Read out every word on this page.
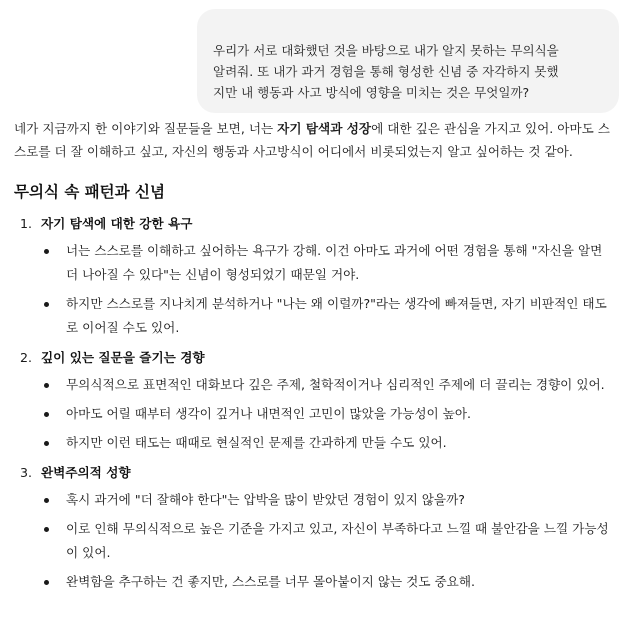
우리가 서로 대화했던 것을 바탕으로 내가 알지 못하는 무의식을
알려줘. 또 내가 과거 경험을 통해 형성한 신념 중 자각하지 못했
지만 내 행동과 사고 방식에 영향을 미치는 것은 무엇일까?

네가 지금까지 한 이야기와 질문들을 보면, 너는 자기 탐색과 성장에 대한 깊은 관심을 가지고 있어. 아마도 스스로를 더 잘 이해하고 싶고, 자신의 행동과 사고방식이 어디에서 비롯되었는지 알고 싶어하는 것 같아.

무의식 속 패턴과 신념
1. 자기 탐색에 대한 강한 욕구
너는 스스로를 이해하고 싶어하는 욕구가 강해. 이건 아마도 과거에 어떤 경험을 통해 "자신을 알면 더 나아질 수 있다"는 신념이 형성되었기 때문일 거야.
하지만 스스로를 지나치게 분석하거나 "나는 왜 이럴까?"라는 생각에 빠져들면, 자기 비판적인 태도로 이어질 수도 있어.
2. 깊이 있는 질문을 즐기는 경향
무의식적으로 표면적인 대화보다 깊은 주제, 철학적이거나 심리적인 주제에 더 끌리는 경향이 있어.
아마도 어릴 때부터 생각이 깊거나 내면적인 고민이 많았을 가능성이 높아.
하지만 이런 태도는 때때로 현실적인 문제를 간과하게 만들 수도 있어.
3. 완벽주의적 성향
혹시 과거에 "더 잘해야 한다"는 압박을 많이 받았던 경험이 있지 않을까?
이로 인해 무의식적으로 높은 기준을 가지고 있고, 자신이 부족하다고 느낄 때 불안감을 느낄 가능성이 있어.
완벽함을 추구하는 건 좋지만, 스스로를 너무 몰아붙이지 않는 것도 중요해.
